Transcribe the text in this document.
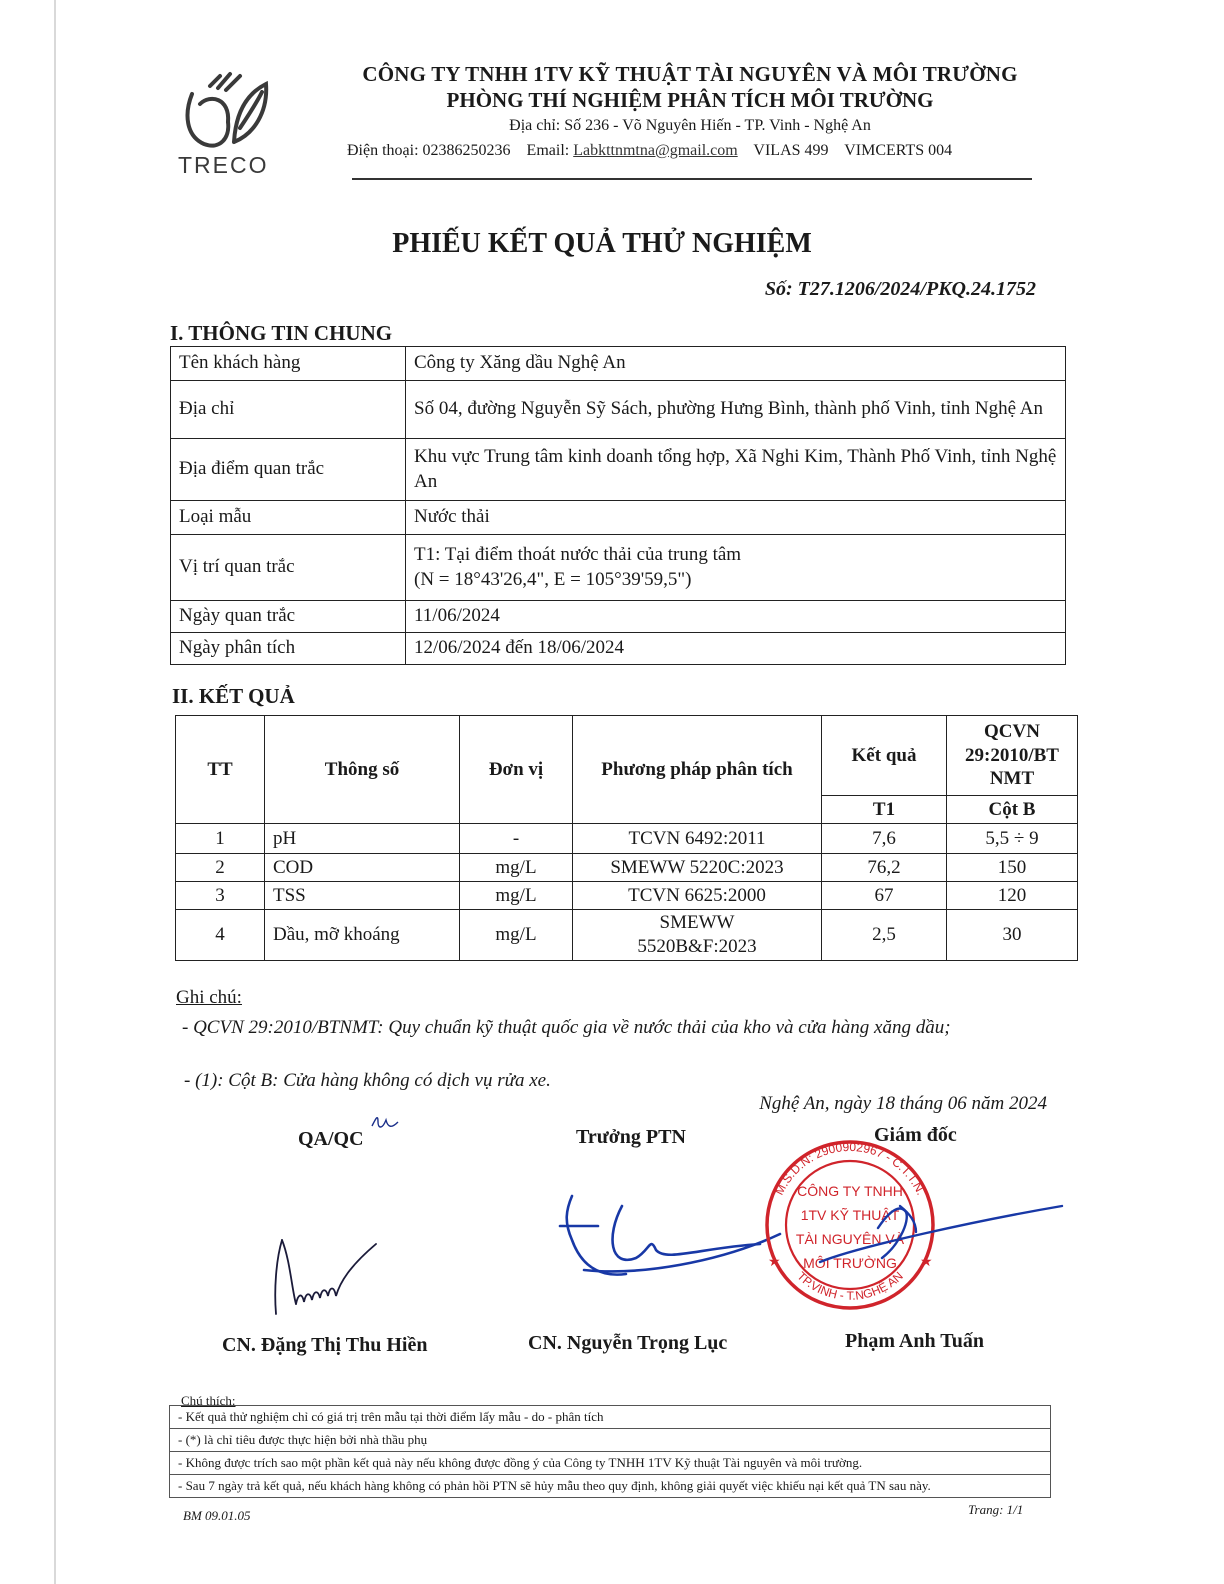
TRECO
CÔNG TY TNHH 1TV KỸ THUẬT TÀI NGUYÊN VÀ MÔI TRƯỜNG
PHÒNG THÍ NGHIỆM PHÂN TÍCH MÔI TRƯỜNG
Địa chỉ: Số 236 - Võ Nguyên Hiến - TP. Vinh - Nghệ An
Điện thoại: 02386250236 Email: Labkttnmtna@gmail.com VILAS 499 VIMCERTS 004
PHIẾU KẾT QUẢ THỬ NGHIỆM
Số: T27.1206/2024/PKQ.24.1752
I. THÔNG TIN CHUNG
Tên khách hàng	Công ty Xăng dầu Nghệ An
Địa chỉ	Số 04, đường Nguyễn Sỹ Sách, phường Hưng Bình, thành phố Vinh, tỉnh Nghệ An
Địa điểm quan trắc	Khu vực Trung tâm kinh doanh tổng hợp, Xã Nghi Kim, Thành Phố Vinh, tỉnh Nghệ An
Loại mẫu	Nước thải
Vị trí quan trắc	T1: Tại điểm thoát nước thải của trung tâm
(N = 18°43'26,4", E = 105°39'59,5")

Ngày quan trắc	11/06/2024
Ngày phân tích	12/06/2024 đến 18/06/2024
II. KẾT QUẢ
TT	Thông số	Đơn vị	Phương pháp phân tích	Kết quả	QCVN
29:2010/BT
NMT

				T1	Cột B
1	pH	-	TCVN 6492:2011	7,6	5,5 ÷ 9
2	COD	mg/L	SMEWW 5220C:2023	76,2	150
3	TSS	mg/L	TCVN 6625:2000	67	120
4	Dầu, mỡ khoáng	mg/L	SMEWW
5520B&F:2023	2,5	30
Ghi chú:
- QCVN 29:2010/BTNMT: Quy chuẩn kỹ thuật quốc gia về nước thải của kho và cửa hàng xăng dầu;
- (1): Cột B: Cửa hàng không có dịch vụ rửa xe.
Nghệ An, ngày 18 tháng 06 năm 2024
QA/QC	Trưởng PTN	Giám đốc
CÔNG TY TNHH
1TV KỸ THUẬT
TÀI NGUYÊN VÀ
MÔI TRƯỜNG
M.S.D.N: 2900902967 - C.T.T.N.
TP.VINH - T.NGHỆ AN
★	★
CN. Đặng Thị Thu Hiền	CN. Nguyễn Trọng Lục	Phạm Anh Tuấn
Chú thích:
- Kết quả thử nghiệm chỉ có giá trị trên mẫu tại thời điểm lấy mẫu - do - phân tích
- (*) là chỉ tiêu được thực hiện bởi nhà thầu phụ
- Không được trích sao một phần kết quả này nếu không được đồng ý của Công ty TNHH 1TV Kỹ thuật Tài nguyên và môi trường.
- Sau 7 ngày trả kết quả, nếu khách hàng không có phản hồi PTN sẽ hủy mẫu theo quy định, không giải quyết việc khiếu nại kết quả TN sau này.
BM 09.01.05	Trang: 1/1
